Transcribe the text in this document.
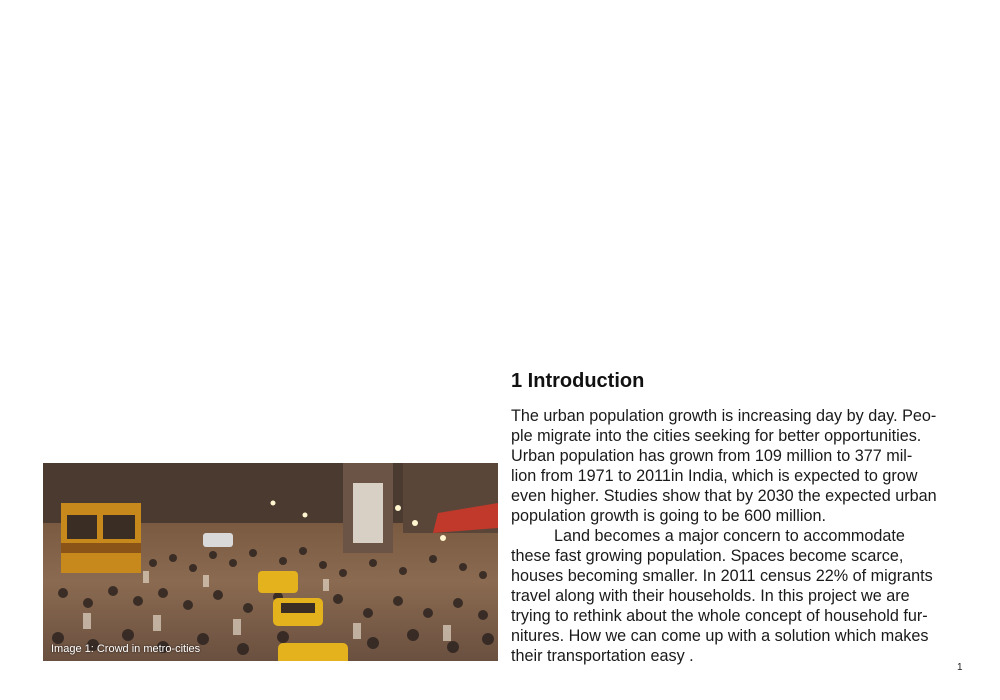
Image 1: Crowd in metro-cities
1 Introduction
The urban population growth is increasing day by day. Peo-
ple migrate into the cities seeking for better opportunities.
Urban population has grown from 109 million to 377 mil-
lion from 1971 to 2011in India, which is expected to grow
even higher. Studies show that by 2030 the expected urban
population growth is going to be 600 million.
Land becomes a major concern to accommodate
these fast growing population. Spaces become scarce,
houses becoming smaller. In 2011 census 22% of migrants
travel along with their households. In this project we are
trying to rethink about the whole concept of household fur-
nitures. How we can come up with a solution which makes
their transportation easy .
1
